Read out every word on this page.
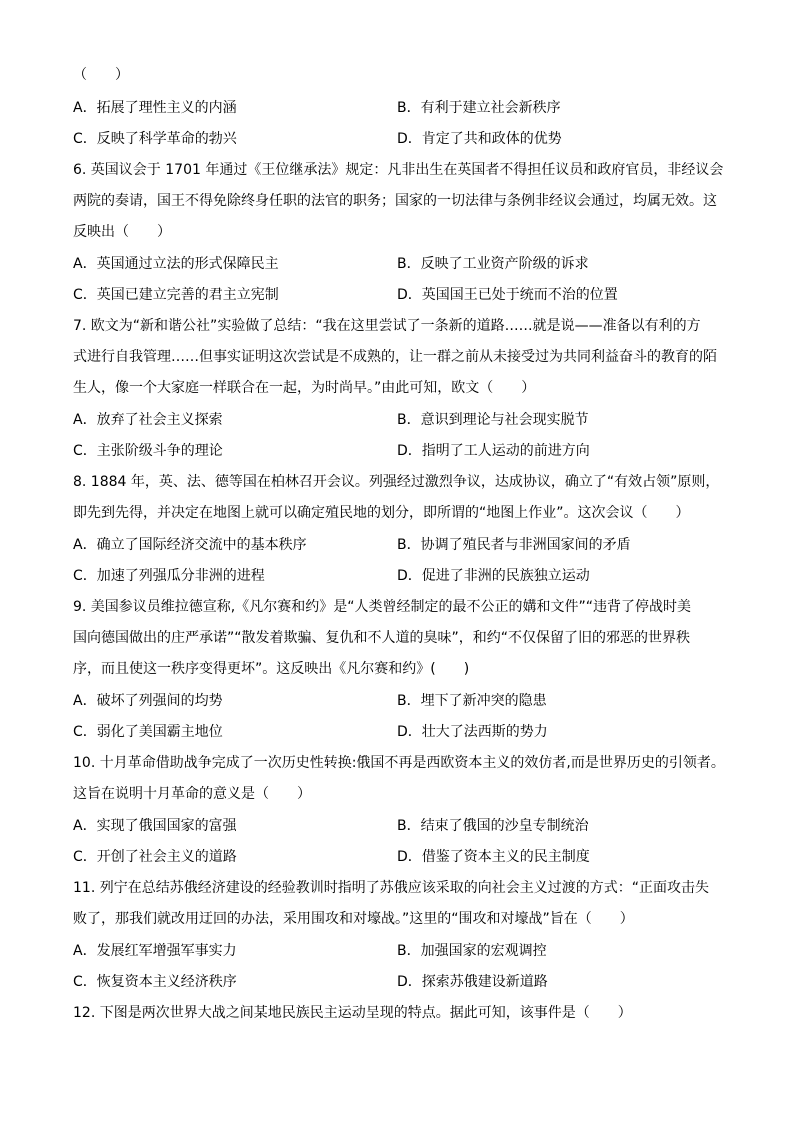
（　　）
A．拓展了理性主义的内涵	B．有利于建立社会新秩序
C．反映了科学革命的勃兴	D．肯定了共和政体的优势
6. 英国议会于 1701 年通过《王位继承法》规定：凡非出生在英国者不得担任议员和政府官员，非经议会
两院的奏请，国王不得免除终身任职的法官的职务；国家的一切法律与条例非经议会通过，均属无效。这
反映出（　　）
A．英国通过立法的形式保障民主	B．反映了工业资产阶级的诉求
C．英国已建立完善的君主立宪制	D．英国国王已处于统而不治的位置
7. 欧文为“新和谐公社”实验做了总结：“我在这里尝试了一条新的道路……就是说——准备以有利的方
式进行自我管理……但事实证明这次尝试是不成熟的，让一群之前从未接受过为共同利益奋斗的教育的陌
生人，像一个大家庭一样联合在一起，为时尚早。”由此可知，欧文（　　）
A．放弃了社会主义探索	B．意识到理论与社会现实脱节
C．主张阶级斗争的理论	D．指明了工人运动的前进方向
8. 1884 年，英、法、德等国在柏林召开会议。列强经过激烈争议，达成协议，确立了“有效占领”原则，
即先到先得，并决定在地图上就可以确定殖民地的划分，即所谓的“地图上作业”。这次会议（　　）
A．确立了国际经济交流中的基本秩序	B．协调了殖民者与非洲国家间的矛盾
C．加速了列强瓜分非洲的进程	D．促进了非洲的民族独立运动
9. 美国参议员维拉德宣称,《凡尔赛和约》是“人类曾经制定的最不公正的媾和文件”“违背了停战时美
国向德国做出的庄严承诺”“散发着欺骗、复仇和不人道的臭味”，和约“不仅保留了旧的邪恶的世界秩
序，而且使这一秩序变得更坏”。这反映出《凡尔赛和约》(　　)
A．破坏了列强间的均势	B．埋下了新冲突的隐患
C．弱化了美国霸主地位	D．壮大了法西斯的势力
10. 十月革命借助战争完成了一次历史性转换:俄国不再是西欧资本主义的效仿者,而是世界历史的引领者。
这旨在说明十月革命的意义是（　　）
A．实现了俄国国家的富强	B．结束了俄国的沙皇专制统治
C．开创了社会主义的道路	D．借鉴了资本主义的民主制度
11. 列宁在总结苏俄经济建设的经验教训时指明了苏俄应该采取的向社会主义过渡的方式：“正面攻击失
败了，那我们就改用迂回的办法，采用围攻和对壕战。”这里的“围攻和对壕战”旨在（　　）
A．发展红军增强军事实力	B．加强国家的宏观调控
C．恢复资本主义经济秩序	D．探索苏俄建设新道路
12. 下图是两次世界大战之间某地民族民主运动呈现的特点。据此可知，该事件是（　　）
